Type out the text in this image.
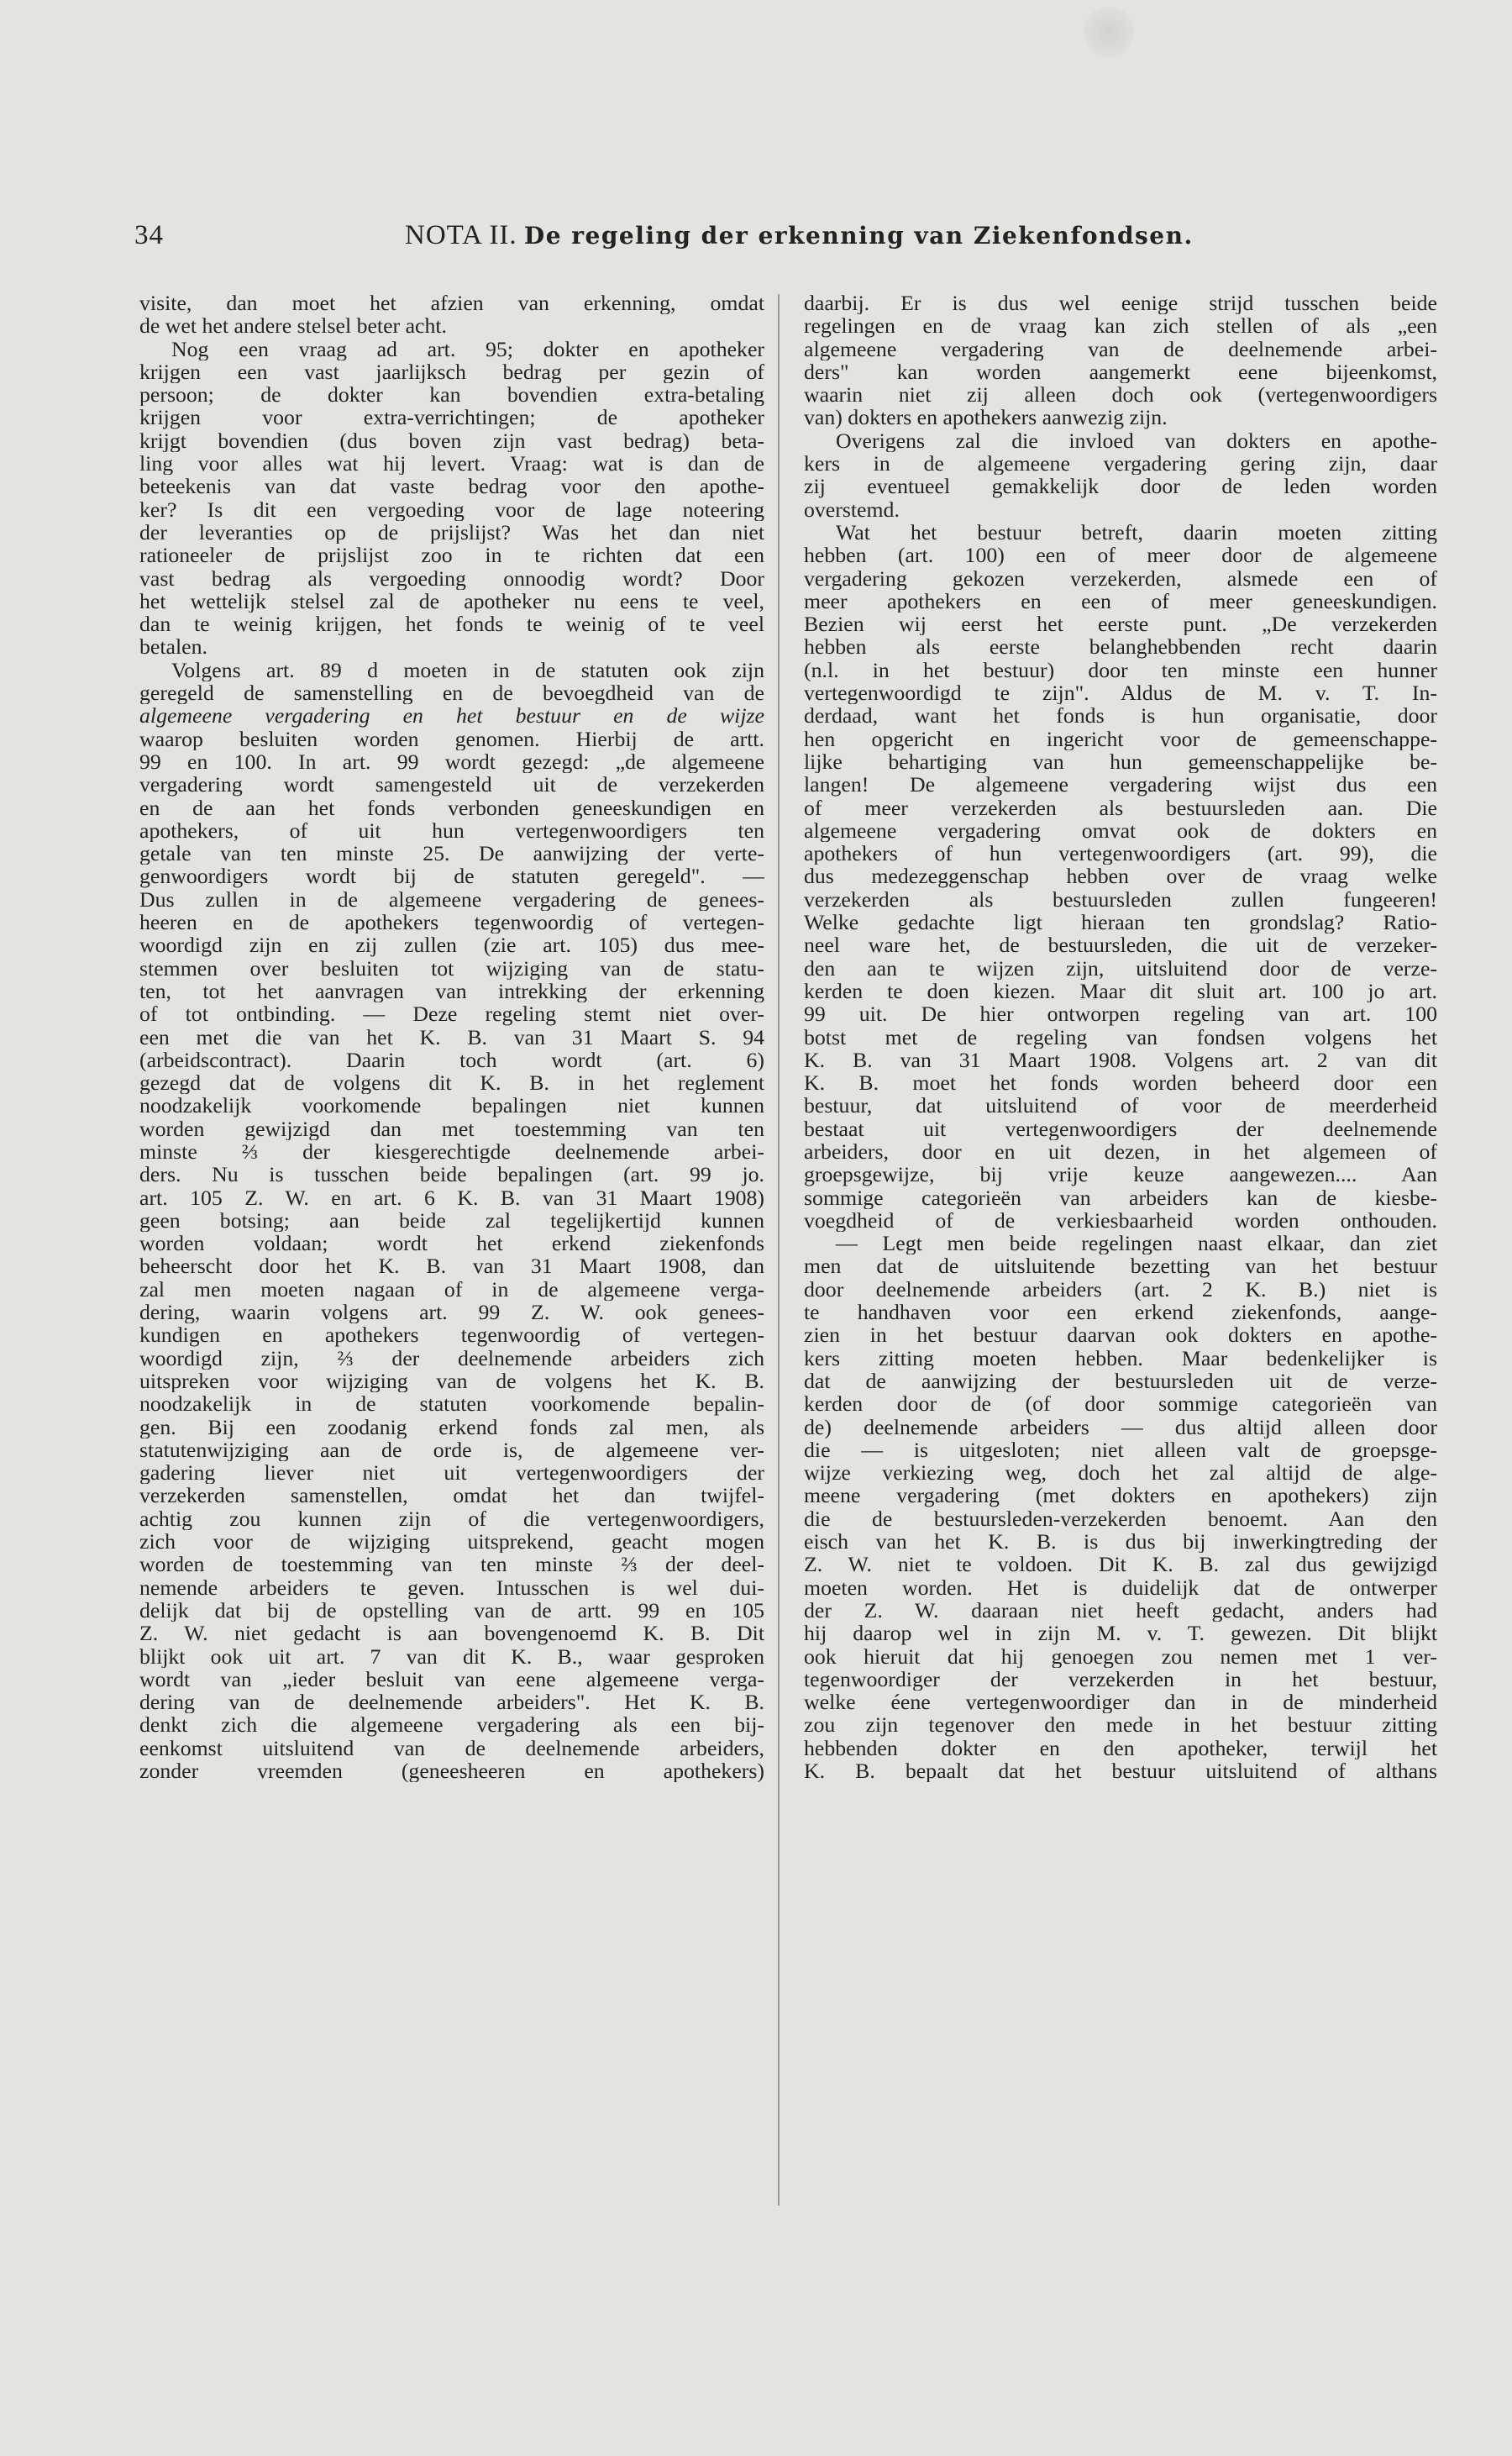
34	NOTA II. De regeling der erkenning van Ziekenfondsen.
visite, dan moet het afzien van erkenning, omdat
de wet het andere stelsel beter acht.
Nog een vraag ad art. 95; dokter en apotheker
krijgen een vast jaarlijksch bedrag per gezin of
persoon; de dokter kan bovendien extra-betaling
krijgen voor extra-verrichtingen; de apotheker
krijgt bovendien (dus boven zijn vast bedrag) beta-
ling voor alles wat hij levert. Vraag: wat is dan de
beteekenis van dat vaste bedrag voor den apothe-
ker? Is dit een vergoeding voor de lage noteering
der leveranties op de prijslijst? Was het dan niet
rationeeler de prijslijst zoo in te richten dat een
vast bedrag als vergoeding onnoodig wordt? Door
het wettelijk stelsel zal de apotheker nu eens te veel,
dan te weinig krijgen, het fonds te weinig of te veel
betalen.
Volgens art. 89 d moeten in de statuten ook zijn
geregeld de samenstelling en de bevoegdheid van de
algemeene vergadering en het bestuur en de wijze
waarop besluiten worden genomen. Hierbij de artt.
99 en 100. In art. 99 wordt gezegd: „de algemeene
vergadering wordt samengesteld uit de verzekerden
en de aan het fonds verbonden geneeskundigen en
apothekers, of uit hun vertegenwoordigers ten
getale van ten minste 25. De aanwijzing der verte-
genwoordigers wordt bij de statuten geregeld". —
Dus zullen in de algemeene vergadering de genees-
heeren en de apothekers tegenwoordig of vertegen-
woordigd zijn en zij zullen (zie art. 105) dus mee-
stemmen over besluiten tot wijziging van de statu-
ten, tot het aanvragen van intrekking der erkenning
of tot ontbinding. — Deze regeling stemt niet over-
een met die van het K. B. van 31 Maart S. 94
(arbeidscontract). Daarin toch wordt (art. 6)
gezegd dat de volgens dit K. B. in het reglement
noodzakelijk voorkomende bepalingen niet kunnen
worden gewijzigd dan met toestemming van ten
minste ⅔ der kiesgerechtigde deelnemende arbei-
ders. Nu is tusschen beide bepalingen (art. 99 jo.
art. 105 Z. W. en art. 6 K. B. van 31 Maart 1908)
geen botsing; aan beide zal tegelijkertijd kunnen
worden voldaan; wordt het erkend ziekenfonds
beheerscht door het K. B. van 31 Maart 1908, dan
zal men moeten nagaan of in de algemeene verga-
dering, waarin volgens art. 99 Z. W. ook genees-
kundigen en apothekers tegenwoordig of vertegen-
woordigd zijn, ⅔ der deelnemende arbeiders zich
uitspreken voor wijziging van de volgens het K. B.
noodzakelijk in de statuten voorkomende bepalin-
gen. Bij een zoodanig erkend fonds zal men, als
statutenwijziging aan de orde is, de algemeene ver-
gadering liever niet uit vertegenwoordigers der
verzekerden samenstellen, omdat het dan twijfel-
achtig zou kunnen zijn of die vertegenwoordigers,
zich voor de wijziging uitsprekend, geacht mogen
worden de toestemming van ten minste ⅔ der deel-
nemende arbeiders te geven. Intusschen is wel dui-
delijk dat bij de opstelling van de artt. 99 en 105
Z. W. niet gedacht is aan bovengenoemd K. B. Dit
blijkt ook uit art. 7 van dit K. B., waar gesproken
wordt van „ieder besluit van eene algemeene verga-
dering van de deelnemende arbeiders". Het K. B.
denkt zich die algemeene vergadering als een bij-
eenkomst uitsluitend van de deelnemende arbeiders,
zonder vreemden (geneesheeren en apothekers)
daarbij. Er is dus wel eenige strijd tusschen beide
regelingen en de vraag kan zich stellen of als „een
algemeene vergadering van de deelnemende arbei-
ders" kan worden aangemerkt eene bijeenkomst,
waarin niet zij alleen doch ook (vertegenwoordigers
van) dokters en apothekers aanwezig zijn.
Overigens zal die invloed van dokters en apothe-
kers in de algemeene vergadering gering zijn, daar
zij eventueel gemakkelijk door de leden worden
overstemd.
Wat het bestuur betreft, daarin moeten zitting
hebben (art. 100) een of meer door de algemeene
vergadering gekozen verzekerden, alsmede een of
meer apothekers en een of meer geneeskundigen.
Bezien wij eerst het eerste punt. „De verzekerden
hebben als eerste belanghebbenden recht daarin
(n.l. in het bestuur) door ten minste een hunner
vertegenwoordigd te zijn". Aldus de M. v. T. In-
derdaad, want het fonds is hun organisatie, door
hen opgericht en ingericht voor de gemeenschappe-
lijke behartiging van hun gemeenschappelijke be-
langen! De algemeene vergadering wijst dus een
of meer verzekerden als bestuursleden aan. Die
algemeene vergadering omvat ook de dokters en
apothekers of hun vertegenwoordigers (art. 99), die
dus medezeggenschap hebben over de vraag welke
verzekerden als bestuursleden zullen fungeeren!
Welke gedachte ligt hieraan ten grondslag? Ratio-
neel ware het, de bestuursleden, die uit de verzeker-
den aan te wijzen zijn, uitsluitend door de verze-
kerden te doen kiezen. Maar dit sluit art. 100 jo art.
99 uit. De hier ontworpen regeling van art. 100
botst met de regeling van fondsen volgens het
K. B. van 31 Maart 1908. Volgens art. 2 van dit
K. B. moet het fonds worden beheerd door een
bestuur, dat uitsluitend of voor de meerderheid
bestaat uit vertegenwoordigers der deelnemende
arbeiders, door en uit dezen, in het algemeen of
groepsgewijze, bij vrije keuze aangewezen.... Aan
sommige categorieën van arbeiders kan de kiesbe-
voegdheid of de verkiesbaarheid worden onthouden.
— Legt men beide regelingen naast elkaar, dan ziet
men dat de uitsluitende bezetting van het bestuur
door deelnemende arbeiders (art. 2 K. B.) niet is
te handhaven voor een erkend ziekenfonds, aange-
zien in het bestuur daarvan ook dokters en apothe-
kers zitting moeten hebben. Maar bedenkelijker is
dat de aanwijzing der bestuursleden uit de verze-
kerden door de (of door sommige categorieën van
de) deelnemende arbeiders — dus altijd alleen door
die — is uitgesloten; niet alleen valt de groepsge-
wijze verkiezing weg, doch het zal altijd de alge-
meene vergadering (met dokters en apothekers) zijn
die de bestuursleden-verzekerden benoemt. Aan den
eisch van het K. B. is dus bij inwerkingtreding der
Z. W. niet te voldoen. Dit K. B. zal dus gewijzigd
moeten worden. Het is duidelijk dat de ontwerper
der Z. W. daaraan niet heeft gedacht, anders had
hij daarop wel in zijn M. v. T. gewezen. Dit blijkt
ook hieruit dat hij genoegen zou nemen met 1 ver-
tegenwoordiger der verzekerden in het bestuur,
welke éene vertegenwoordiger dan in de minderheid
zou zijn tegenover den mede in het bestuur zitting
hebbenden dokter en den apotheker, terwijl het
K. B. bepaalt dat het bestuur uitsluitend of althans
